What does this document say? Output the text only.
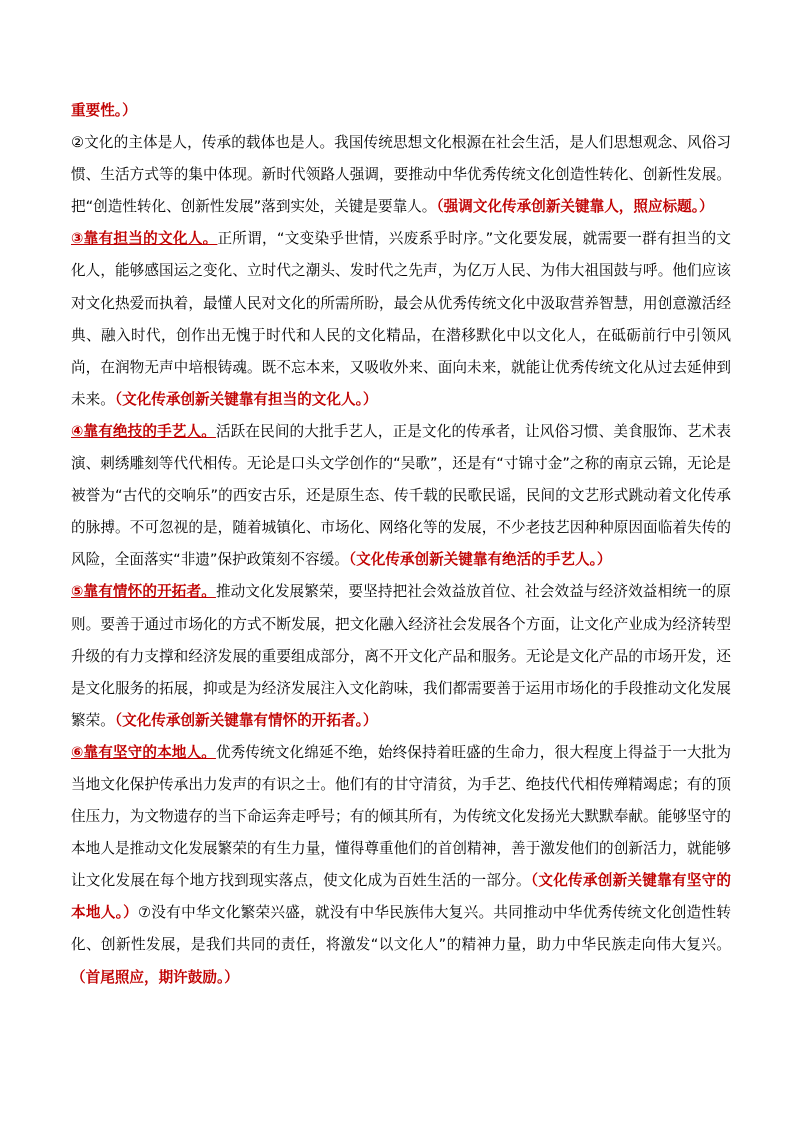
重要性。）

②文化的主体是人，传承的载体也是人。我国传统思想文化根源在社会生活，是人们思想观念、风俗习惯、生活方式等的集中体现。新时代领路人强调，要推动中华优秀传统文化创造性转化、创新性发展。把“创造性转化、创新性发展”落到实处，关键是要靠人。（强调文化传承创新关键靠人，照应标题。）

③靠有担当的文化人。正所谓，“文变染乎世情，兴废系乎时序。”文化要发展，就需要一群有担当的文化人，能够感国运之变化、立时代之潮头、发时代之先声，为亿万人民、为伟大祖国鼓与呼。他们应该对文化热爱而执着，最懂人民对文化的所需所盼，最会从优秀传统文化中汲取营养智慧，用创意激活经典、融入时代，创作出无愧于时代和人民的文化精品，在潜移默化中以文化人，在砥砺前行中引领风尚，在润物无声中培根铸魂。既不忘本来，又吸收外来、面向未来，就能让优秀传统文化从过去延伸到未来。（文化传承创新关键靠有担当的文化人。）

④靠有绝技的手艺人。活跃在民间的大批手艺人，正是文化的传承者，让风俗习惯、美食服饰、艺术表演、刺绣雕刻等代代相传。无论是口头文学创作的“吴歌”，还是有“寸锦寸金”之称的南京云锦，无论是被誉为“古代的交响乐”的西安古乐，还是原生态、传千载的民歌民谣，民间的文艺形式跳动着文化传承的脉搏。不可忽视的是，随着城镇化、市场化、网络化等的发展，不少老技艺因种种原因面临着失传的风险，全面落实“非遗”保护政策刻不容缓。（文化传承创新关键靠有绝活的手艺人。）

⑤靠有情怀的开拓者。推动文化发展繁荣，要坚持把社会效益放首位、社会效益与经济效益相统一的原则。要善于通过市场化的方式不断发展，把文化融入经济社会发展各个方面，让文化产业成为经济转型升级的有力支撑和经济发展的重要组成部分，离不开文化产品和服务。无论是文化产品的市场开发，还是文化服务的拓展，抑或是为经济发展注入文化韵味，我们都需要善于运用市场化的手段推动文化发展繁荣。（文化传承创新关键靠有情怀的开拓者。）

⑥靠有坚守的本地人。优秀传统文化绵延不绝，始终保持着旺盛的生命力，很大程度上得益于一大批为当地文化保护传承出力发声的有识之士。他们有的甘守清贫，为手艺、绝技代代相传殚精竭虑；有的顶住压力，为文物遗存的当下命运奔走呼号；有的倾其所有，为传统文化发扬光大默默奉献。能够坚守的本地人是推动文化发展繁荣的有生力量，懂得尊重他们的首创精神，善于激发他们的创新活力，就能够让文化发展在每个地方找到现实落点，使文化成为百姓生活的一部分。（文化传承创新关键靠有坚守的本地人。）⑦没有中华文化繁荣兴盛，就没有中华民族伟大复兴。共同推动中华优秀传统文化创造性转化、创新性发展，是我们共同的责任，将激发“以文化人”的精神力量，助力中华民族走向伟大复兴。（首尾照应，期许鼓励。）
